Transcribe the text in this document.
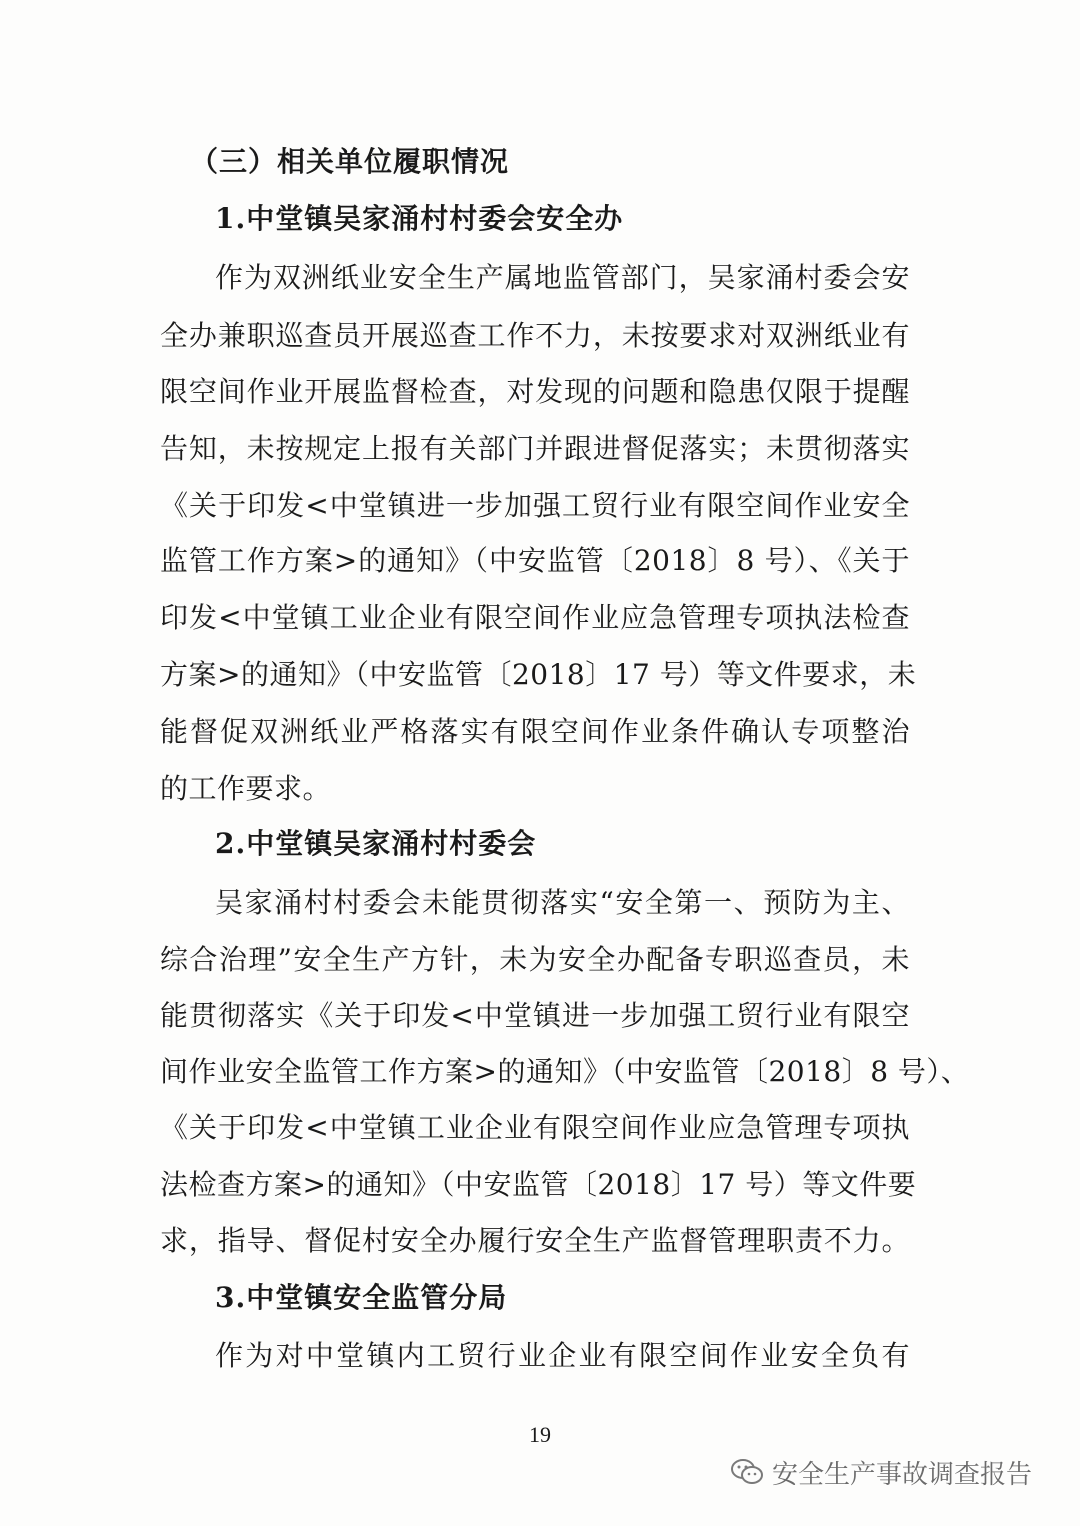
（三）相关单位履职情况
1.中堂镇吴家涌村村委会安全办
作为双洲纸业安全生产属地监管部门，吴家涌村委会安
全办兼职巡查员开展巡查工作不力，未按要求对双洲纸业有
限空间作业开展监督检查，对发现的问题和隐患仅限于提醒
告知，未按规定上报有关部门并跟进督促落实；未贯彻落实
《关于印发<中堂镇进一步加强工贸行业有限空间作业安全
监管工作方案>的通知》（中安监管〔2018〕8 号）、《关于
印发<中堂镇工业企业有限空间作业应急管理专项执法检查
方案>的通知》（中安监管〔2018〕17 号）等文件要求，未
能督促双洲纸业严格落实有限空间作业条件确认专项整治
的工作要求。
2.中堂镇吴家涌村村委会
吴家涌村村委会未能贯彻落实“安全第一、预防为主、
综合治理”安全生产方针，未为安全办配备专职巡查员，未
能贯彻落实《关于印发<中堂镇进一步加强工贸行业有限空
间作业安全监管工作方案>的通知》（中安监管〔2018〕8 号）、
《关于印发<中堂镇工业企业有限空间作业应急管理专项执
法检查方案>的通知》（中安监管〔2018〕17 号）等文件要
求，指导、督促村安全办履行安全生产监督管理职责不力。
3.中堂镇安全监管分局
作为对中堂镇内工贸行业企业有限空间作业安全负有
19
安全生产事故调查报告
